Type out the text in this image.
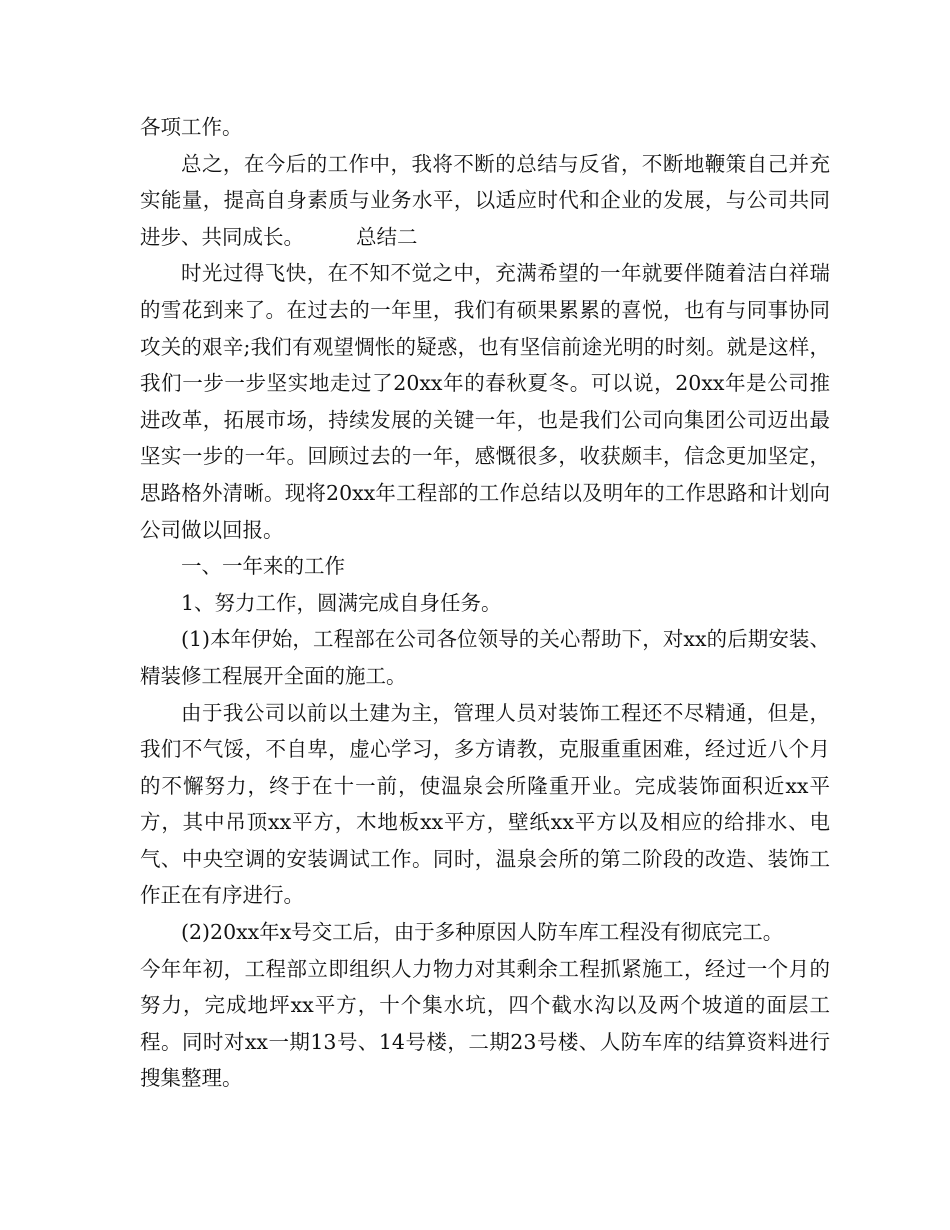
各项工作。

总之，在今后的工作中，我将不断的总结与反省，不断地鞭策自己并充实能量，提高自身素质与业务水平，以适应时代和企业的发展，与公司共同进步、共同成长。	总结二

时光过得飞快，在不知不觉之中，充满希望的一年就要伴随着洁白祥瑞的雪花到来了。在过去的一年里，我们有硕果累累的喜悦，也有与同事协同攻关的艰辛;我们有观望惆怅的疑惑，也有坚信前途光明的时刻。就是这样，我们一步一步坚实地走过了20xx年的春秋夏冬。可以说，20xx年是公司推进改革，拓展市场，持续发展的关键一年，也是我们公司向集团公司迈出最坚实一步的一年。回顾过去的一年，感慨很多，收获颇丰，信念更加坚定，思路格外清晰。现将20xx年工程部的工作总结以及明年的工作思路和计划向公司做以回报。

一、一年来的工作

1、努力工作，圆满完成自身任务。

(1)本年伊始，工程部在公司各位领导的关心帮助下，对xx的后期安装、精装修工程展开全面的施工。

由于我公司以前以土建为主，管理人员对装饰工程还不尽精通，但是，我们不气馁，不自卑，虚心学习，多方请教，克服重重困难，经过近八个月的不懈努力，终于在十一前，使温泉会所隆重开业。完成装饰面积近xx平方，其中吊顶xx平方，木地板xx平方，壁纸xx平方以及相应的给排水、电气、中央空调的安装调试工作。同时，温泉会所的第二阶段的改造、装饰工作正在有序进行。

(2)20xx年x号交工后，由于多种原因人防车库工程没有彻底完工。

今年年初，工程部立即组织人力物力对其剩余工程抓紧施工，经过一个月的努力，完成地坪xx平方，十个集水坑，四个截水沟以及两个坡道的面层工程。同时对xx一期13号、14号楼，二期23号楼、人防车库的结算资料进行搜集整理。
